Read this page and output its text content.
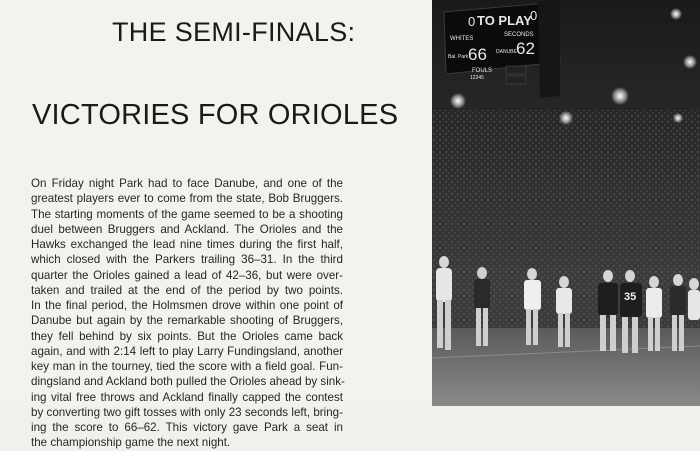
THE SEMI-FINALS:
VICTORIES FOR ORIOLES
On Friday night Park had to face Danube, and one of the
greatest players ever to come from the state, Bob Bruggers.
The starting moments of the game seemed to be a shooting
duel between Bruggers and Ackland. The Orioles and the
Hawks exchanged the lead nine times during the first half,
which closed with the Parkers trailing 36–31. In the third
quarter the Orioles gained a lead of 42–36, but were over-
taken and trailed at the end of the period by two points.
In the final period, the Holmsmen drove within one point of
Danube but again by the remarkable shooting of Bruggers,
they fell behind by six points. But the Orioles came back
again, and with 2:14 left to play Larry Fundingsland, another
key man in the tourney, tied the score with a field goal. Fun-
dingsland and Ackland both pulled the Orioles ahead by sink-
ing vital free throws and Ackland finally capped the contest
by converting two gift tosses with only 23 seconds left, bring-
ing the score to 66–62. This victory gave Park a seat in
the championship game the next night.
0 TO PLAY
0
WHITES
SECONDS
Bal. Park 66 DANUBE 62
FOULS
12345
35
